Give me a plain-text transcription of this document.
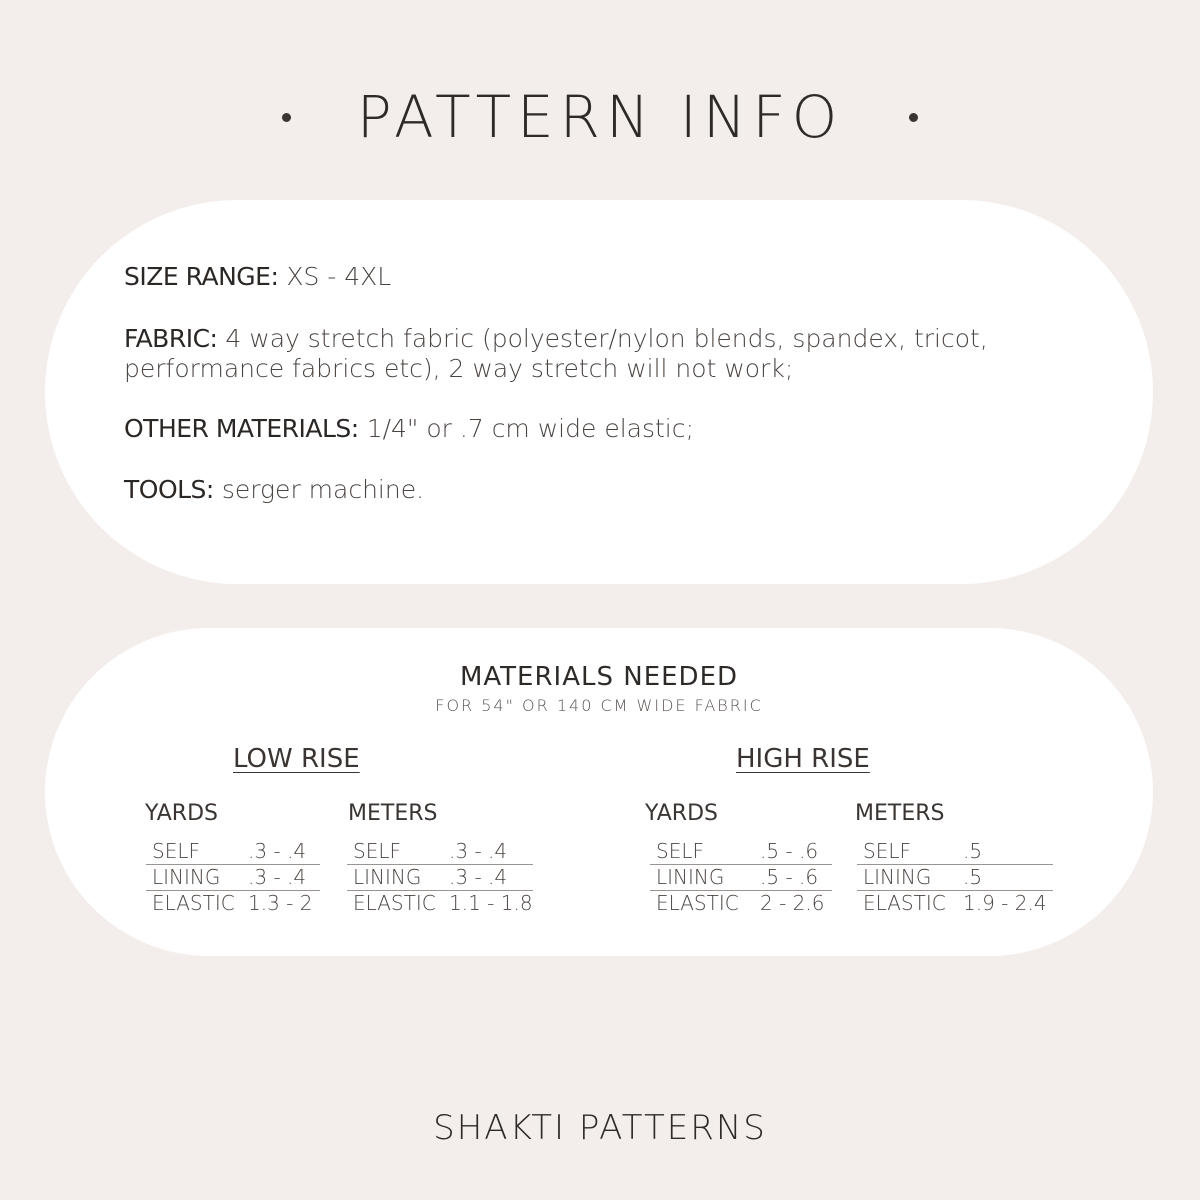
PATTERN INFO
SIZE RANGE: XS - 4XL
FABRIC: 4 way stretch fabric (polyester/nylon blends, spandex, tricot,
performance fabrics etc), 2 way stretch will not work;
OTHER MATERIALS: 1/4" or .7 cm wide elastic;
TOOLS: serger machine.
MATERIALS NEEDED
FOR 54" OR 140 CM WIDE FABRIC
LOW RISE	HIGH RISE
YARDS	METERS	YARDS	METERS
SELF	.3 - .4
LINING	.3 - .4
ELASTIC	1.3 - 2
SELF	.3 - .4
LINING	.3 - .4
ELASTIC	1.1 - 1.8
SELF	.5 - .6
LINING	.5 - .6
ELASTIC	2 - 2.6
SELF	.5
LINING	.5
ELASTIC	1.9 - 2.4
SHAKTI PATTERNS
